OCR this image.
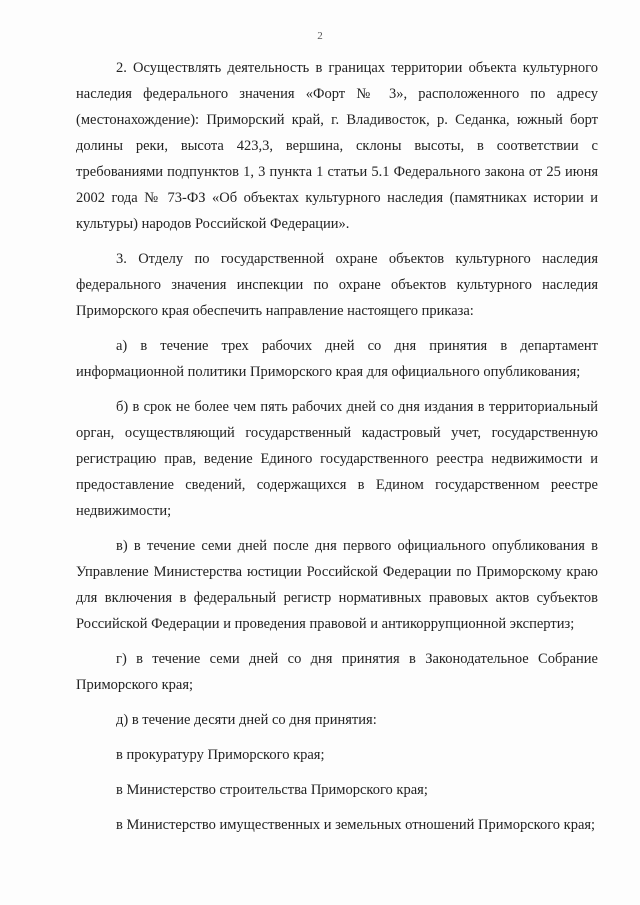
2

2. Осуществлять деятельность в границах территории объекта культурного наследия федерального значения «Форт № 3», расположенного по адресу (местонахождение): Приморский край, г. Владивосток, р. Седанка, южный борт долины реки, высота 423,3, вершина, склоны высоты, в соответствии с требованиями подпунктов 1, 3 пункта 1 статьи 5.1 Федерального закона от 25 июня 2002 года № 73-ФЗ «Об объектах культурного наследия (памятниках истории и культуры) народов Российской Федерации».

3. Отделу по государственной охране объектов культурного наследия федерального значения инспекции по охране объектов культурного наследия Приморского края обеспечить направление настоящего приказа:

а) в течение трех рабочих дней со дня принятия в департамент информационной политики Приморского края для официального опубликования;

б) в срок не более чем пять рабочих дней со дня издания в территориальный орган, осуществляющий государственный кадастровый учет, государственную регистрацию прав, ведение Единого государственного реестра недвижимости и предоставление сведений, содержащихся в Едином государственном реестре недвижимости;

в) в течение семи дней после дня первого официального опубликования в Управление Министерства юстиции Российской Федерации по Приморскому краю для включения в федеральный регистр нормативных правовых актов субъектов Российской Федерации и проведения правовой и антикоррупционной экспертиз;

г) в течение семи дней со дня принятия в Законодательное Собрание Приморского края;

д) в течение десяти дней со дня принятия:

в прокуратуру Приморского края;

в Министерство строительства Приморского края;

в Министерство имущественных и земельных отношений Приморского края;
